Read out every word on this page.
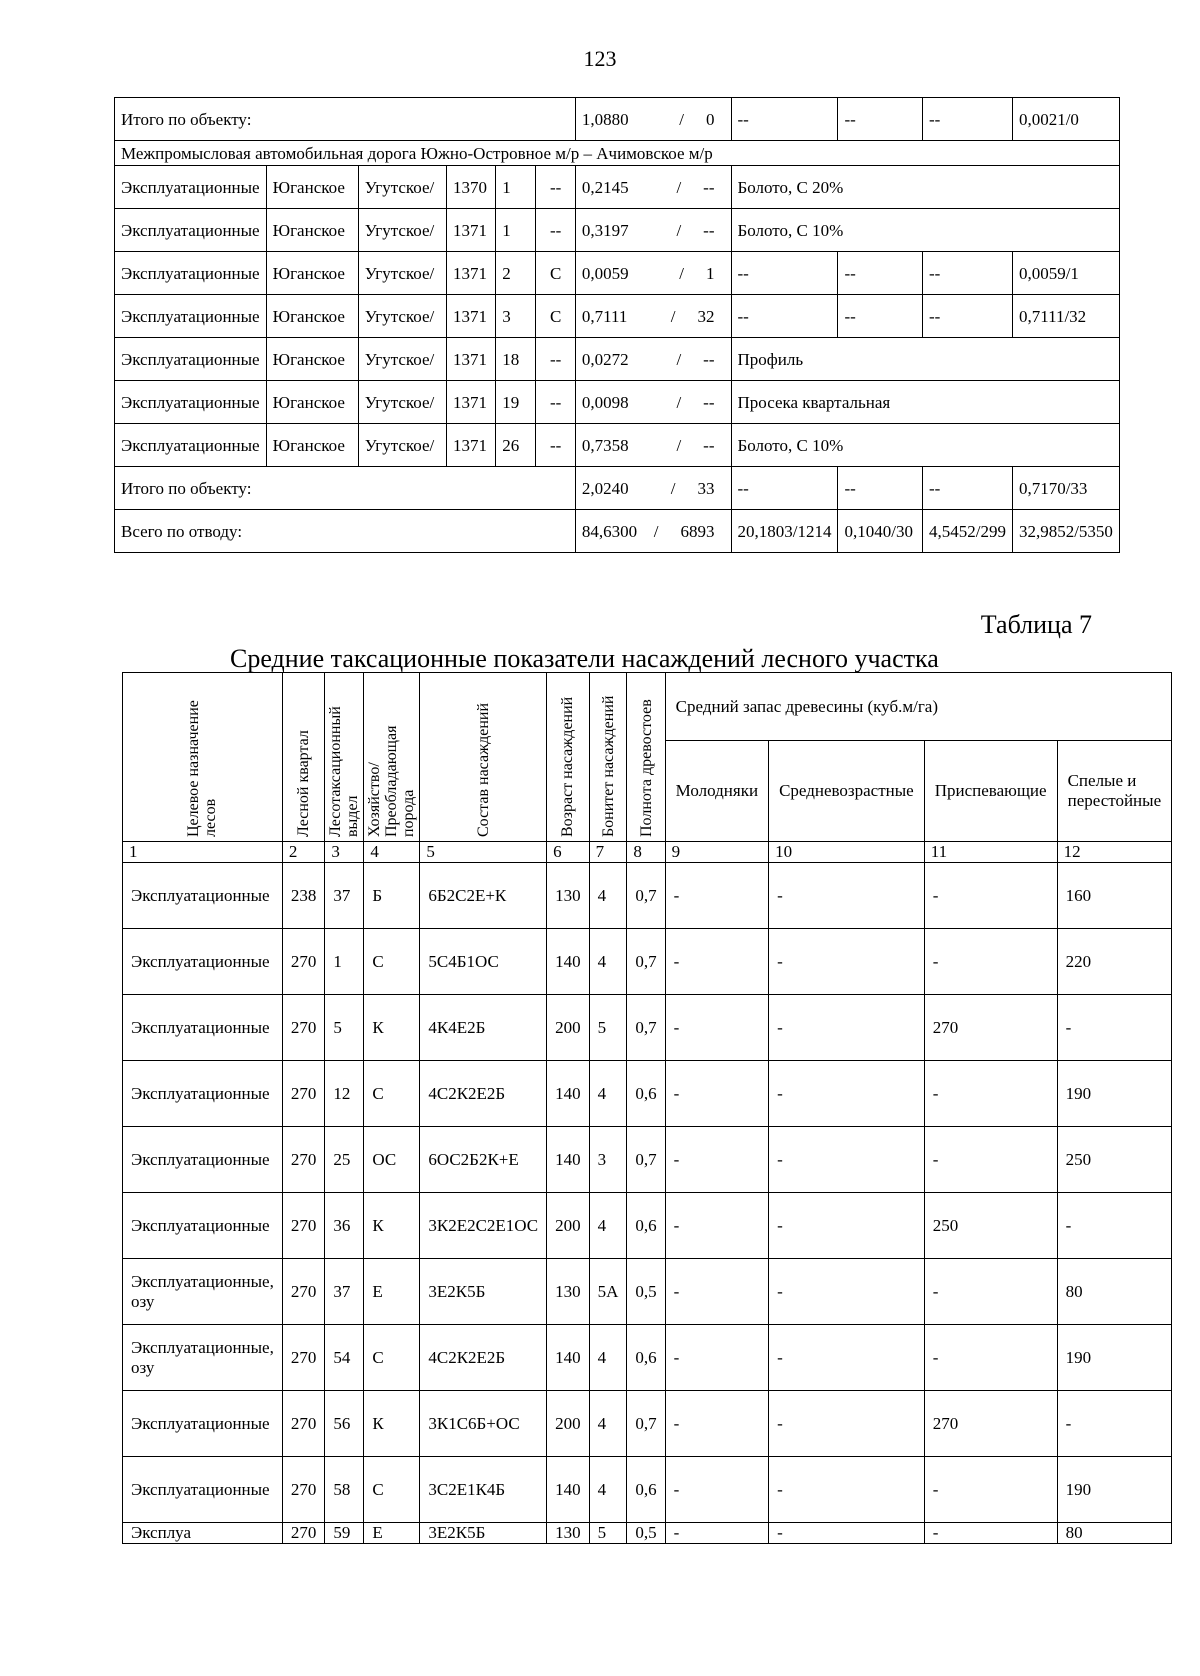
123
Итого по объекту:						1,0880 / 0	--	--	--	0,0021/0
Межпромысловая автомобильная дорога Южно-Островное м/р – Ачимовское м/р										
Эксплуатационные	Юганское	Угутское/	1370	1	--	0,2145 / --	Болото, С 20%			
Эксплуатационные	Юганское	Угутское/	1371	1	--	0,3197 / --	Болото, С 10%			
Эксплуатационные	Юганское	Угутское/	1371	2	С	0,0059 / 1	--	--	--	0,0059/1
Эксплуатационные	Юганское	Угутское/	1371	3	С	0,7111 / 32	--	--	--	0,7111/32
Эксплуатационные	Юганское	Угутское/	1371	18	--	0,0272 / --	Профиль			
Эксплуатационные	Юганское	Угутское/	1371	19	--	0,0098 / --	Просека квартальная			
Эксплуатационные	Юганское	Угутское/	1371	26	--	0,7358 / --	Болото, С 10%			
Итого по объекту:						2,0240 / 33	--	--	--	0,7170/33
Всего по отводу:						84,6300 / 6893	20,1803/1214	0,1040/30	4,5452/299	32,9852/5350
Таблица 7
Средние таксационные показатели насаждений лесного участка
Целевое назначение лесов	Лесной квартал	Лесотаксационный выдел	Хозяйство/ Преобладающая порода	Состав насаждений	Возраст насаждений	Бонитет насаждений	Полнота древостоев	Средний запас древесины (куб.м/га)			
								Молодняки	Средневозрастные	Приспевающие	Спелые и перестойные
1	2	3	4	5	6	7	8	9	10	11	12
Эксплуатационные	238	37	Б	6Б2С2Е+К	130	4	0,7	-	-	-	160
Эксплуатационные	270	1	С	5С4Б1ОС	140	4	0,7	-	-	-	220
Эксплуатационные	270	5	К	4К4Е2Б	200	5	0,7	-	-	270	-
Эксплуатационные	270	12	С	4С2К2Е2Б	140	4	0,6	-	-	-	190
Эксплуатационные	270	25	ОС	6ОС2Б2К+Е	140	3	0,7	-	-	-	250
Эксплуатационные	270	36	К	3К2Е2С2Е1ОС	200	4	0,6	-	-	250	-
Эксплуатационные, озу	270	37	Е	3Е2К5Б	130	5А	0,5	-	-	-	80
Эксплуатационные, озу	270	54	С	4С2К2Е2Б	140	4	0,6	-	-	-	190
Эксплуатационные	270	56	К	3К1С6Б+ОС	200	4	0,7	-	-	270	-
Эксплуатационные	270	58	С	3С2Е1К4Б	140	4	0,6	-	-	-	190
Эксплуа	270	59	Е	3Е2К5Б	130	5	0,5	-	-	-	80
